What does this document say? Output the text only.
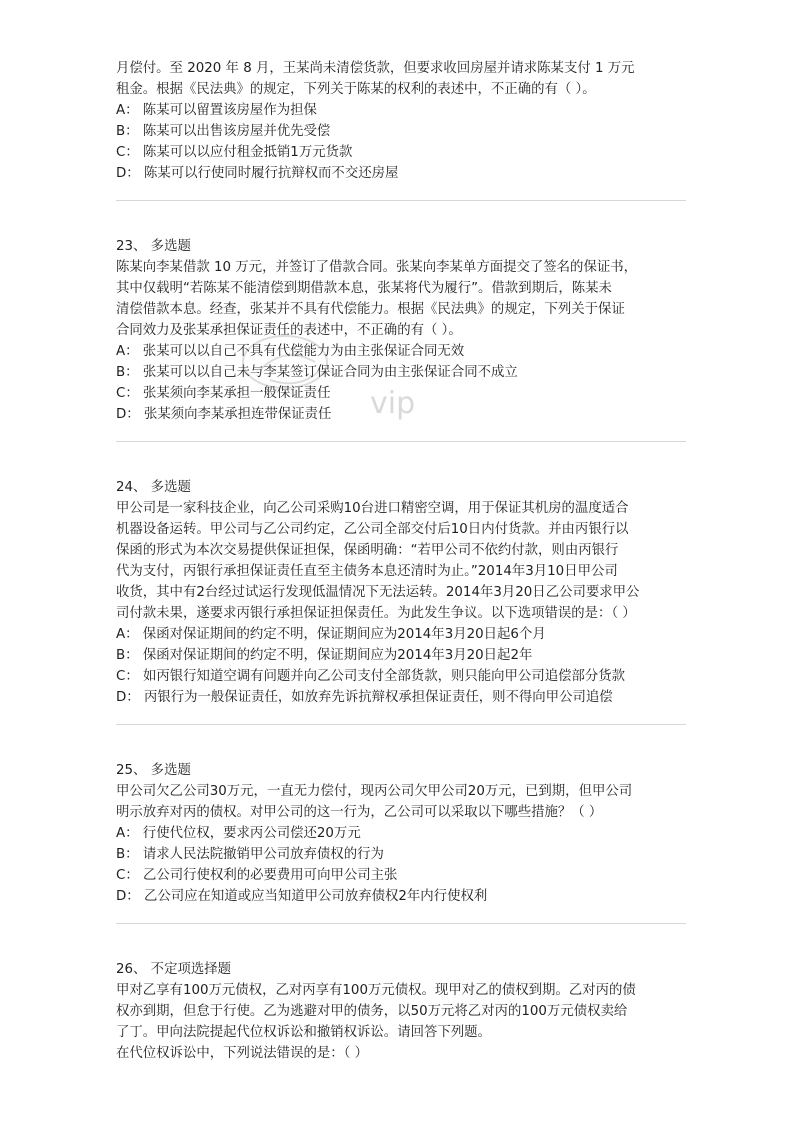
月偿付。至 2020 年 8 月，王某尚未清偿货款，但要求收回房屋并请求陈某支付 1 万元
租金。根据《民法典》的规定，下列关于陈某的权利的表述中，不正确的有（ ）。
A： 陈某可以留置该房屋作为担保
B： 陈某可以出售该房屋并优先受偿
C： 陈某可以以应付租金抵销1万元货款
D： 陈某可以行使同时履行抗辩权而不交还房屋
23、 多选题
陈某向李某借款 10 万元，并签订了借款合同。张某向李某单方面提交了签名的保证书，
其中仅载明“若陈某不能清偿到期借款本息，张某将代为履行”。借款到期后，陈某未
清偿借款本息。经查，张某并不具有代偿能力。根据《民法典》的规定，下列关于保证
合同效力及张某承担保证责任的表述中，不正确的有（ ）。
A： 张某可以以自己不具有代偿能力为由主张保证合同无效
B： 张某可以以自己未与李某签订保证合同为由主张保证合同不成立
C： 张某须向李某承担一般保证责任
D： 张某须向李某承担连带保证责任
24、 多选题
甲公司是一家科技企业，向乙公司采购10台进口精密空调，用于保证其机房的温度适合
机器设备运转。甲公司与乙公司约定，乙公司全部交付后10日内付货款。并由丙银行以
保函的形式为本次交易提供保证担保，保函明确：“若甲公司不依约付款，则由丙银行
代为支付，丙银行承担保证责任直至主债务本息还清时为止。”2014年3月10日甲公司
收货，其中有2台经过试运行发现低温情况下无法运转。2014年3月20日乙公司要求甲公
司付款未果，遂要求丙银行承担保证担保责任。为此发生争议。以下选项错误的是：（ ）
A： 保函对保证期间的约定不明，保证期间应为2014年3月20日起6个月
B： 保函对保证期间的约定不明，保证期间应为2014年3月20日起2年
C： 如丙银行知道空调有问题并向乙公司支付全部货款，则只能向甲公司追偿部分货款
D： 丙银行为一般保证责任，如放弃先诉抗辩权承担保证责任，则不得向甲公司追偿
25、 多选题
甲公司欠乙公司30万元，一直无力偿付，现丙公司欠甲公司20万元，已到期，但甲公司
明示放弃对丙的债权。对甲公司的这一行为，乙公司可以采取以下哪些措施？（ ）
A： 行使代位权，要求丙公司偿还20万元
B： 请求人民法院撤销甲公司放弃债权的行为
C： 乙公司行使权利的必要费用可向甲公司主张
D： 乙公司应在知道或应当知道甲公司放弃债权2年内行使权利
26、 不定项选择题
甲对乙享有100万元债权，乙对丙享有100万元债权。现甲对乙的债权到期。乙对丙的债
权亦到期，但怠于行使。乙为逃避对甲的债务，以50万元将乙对丙的100万元债权卖给
了丁。甲向法院提起代位权诉讼和撤销权诉讼。请回答下列题。
在代位权诉讼中，下列说法错误的是：（ ）
vip
